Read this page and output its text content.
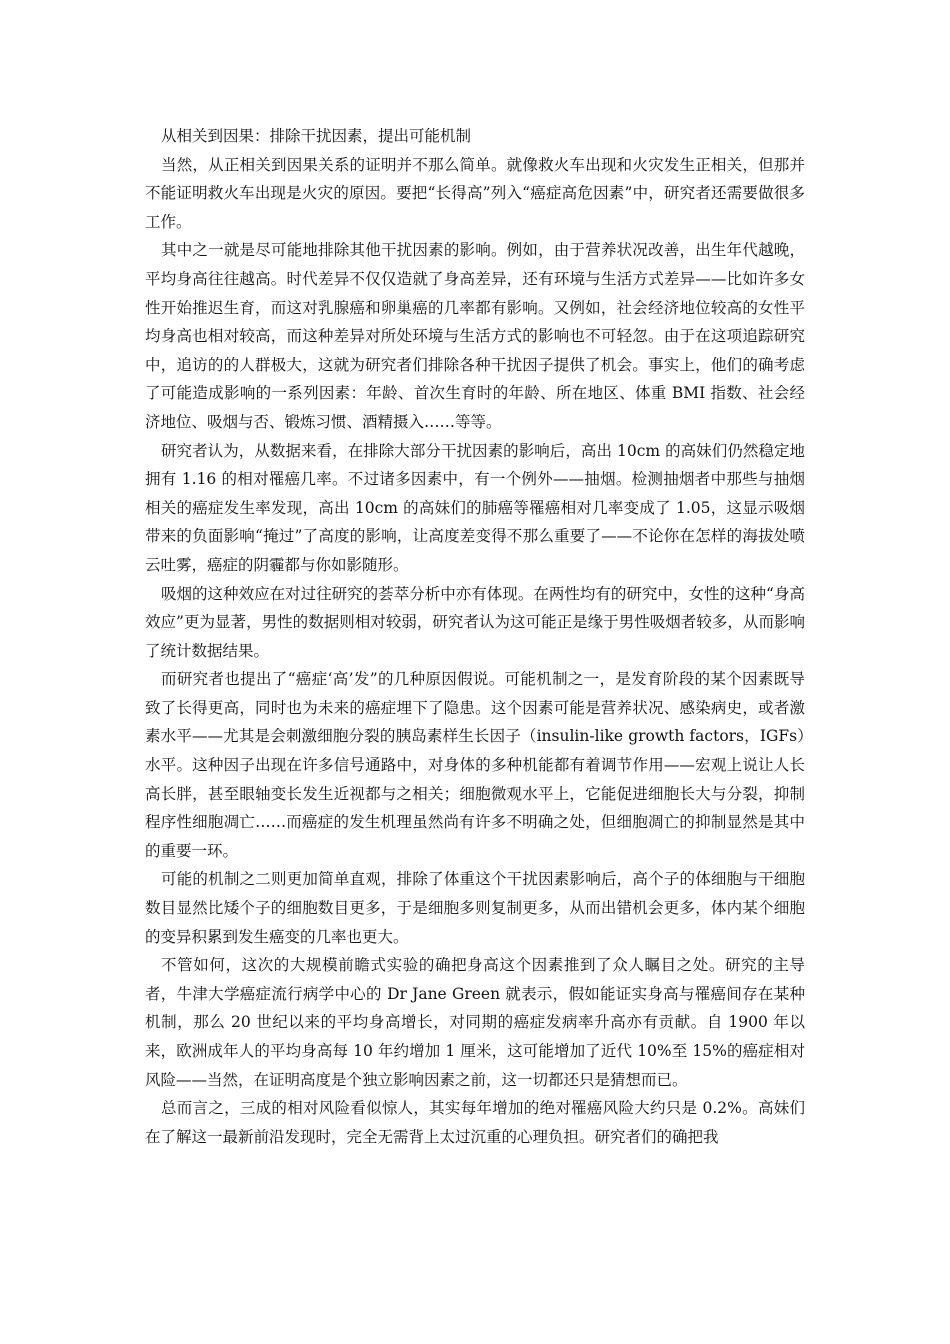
从相关到因果：排除干扰因素，提出可能机制

当然，从正相关到因果关系的证明并不那么简单。就像救火车出现和火灾发生正相关，但那并不能证明救火车出现是火灾的原因。要把“长得高”列入“癌症高危因素”中，研究者还需要做很多工作。

其中之一就是尽可能地排除其他干扰因素的影响。例如，由于营养状况改善，出生年代越晚，平均身高往往越高。时代差异不仅仅造就了身高差异，还有环境与生活方式差异——比如许多女性开始推迟生育，而这对乳腺癌和卵巢癌的几率都有影响。又例如，社会经济地位较高的女性平均身高也相对较高，而这种差异对所处环境与生活方式的影响也不可轻忽。由于在这项追踪研究中，追访的的人群极大，这就为研究者们排除各种干扰因子提供了机会。事实上，他们的确考虑了可能造成影响的一系列因素：年龄、首次生育时的年龄、所在地区、体重 BMI 指数、社会经济地位、吸烟与否、锻炼习惯、酒精摄入……等等。

研究者认为，从数据来看，在排除大部分干扰因素的影响后，高出 10cm 的高妹们仍然稳定地拥有 1.16 的相对罹癌几率。不过诸多因素中，有一个例外——抽烟。检测抽烟者中那些与抽烟相关的癌症发生率发现，高出 10cm 的高妹们的肺癌等罹癌相对几率变成了 1.05，这显示吸烟带来的负面影响“掩过”了高度的影响，让高度差变得不那么重要了——不论你在怎样的海拔处喷云吐雾，癌症的阴霾都与你如影随形。

吸烟的这种效应在对过往研究的荟萃分析中亦有体现。在两性均有的研究中，女性的这种“身高效应”更为显著，男性的数据则相对较弱，研究者认为这可能正是缘于男性吸烟者较多，从而影响了统计数据结果。

而研究者也提出了“癌症‘高’发”的几种原因假说。可能机制之一，是发育阶段的某个因素既导致了长得更高，同时也为未来的癌症埋下了隐患。这个因素可能是营养状况、感染病史，或者激素水平——尤其是会刺激细胞分裂的胰岛素样生长因子（insulin-like growth factors，IGFs）水平。这种因子出现在许多信号通路中，对身体的多种机能都有着调节作用——宏观上说让人长高长胖，甚至眼轴变长发生近视都与之相关；细胞微观水平上，它能促进细胞长大与分裂，抑制程序性细胞凋亡……而癌症的发生机理虽然尚有许多不明确之处，但细胞凋亡的抑制显然是其中的重要一环。

可能的机制之二则更加简单直观，排除了体重这个干扰因素影响后，高个子的体细胞与干细胞数目显然比矮个子的细胞数目更多，于是细胞多则复制更多，从而出错机会更多，体内某个细胞的变异积累到发生癌变的几率也更大。

不管如何，这次的大规模前瞻式实验的确把身高这个因素推到了众人瞩目之处。研究的主导者，牛津大学癌症流行病学中心的 Dr Jane Green 就表示，假如能证实身高与罹癌间存在某种机制，那么 20 世纪以来的平均身高增长，对同期的癌症发病率升高亦有贡献。自 1900 年以来，欧洲成年人的平均身高每 10 年约增加 1 厘米，这可能增加了近代 10%至 15%的癌症相对风险——当然，在证明高度是个独立影响因素之前，这一切都还只是猜想而已。

总而言之，三成的相对风险看似惊人，其实每年增加的绝对罹癌风险大约只是 0.2%。高妹们在了解这一最新前沿发现时，完全无需背上太过沉重的心理负担。研究者们的确把我
